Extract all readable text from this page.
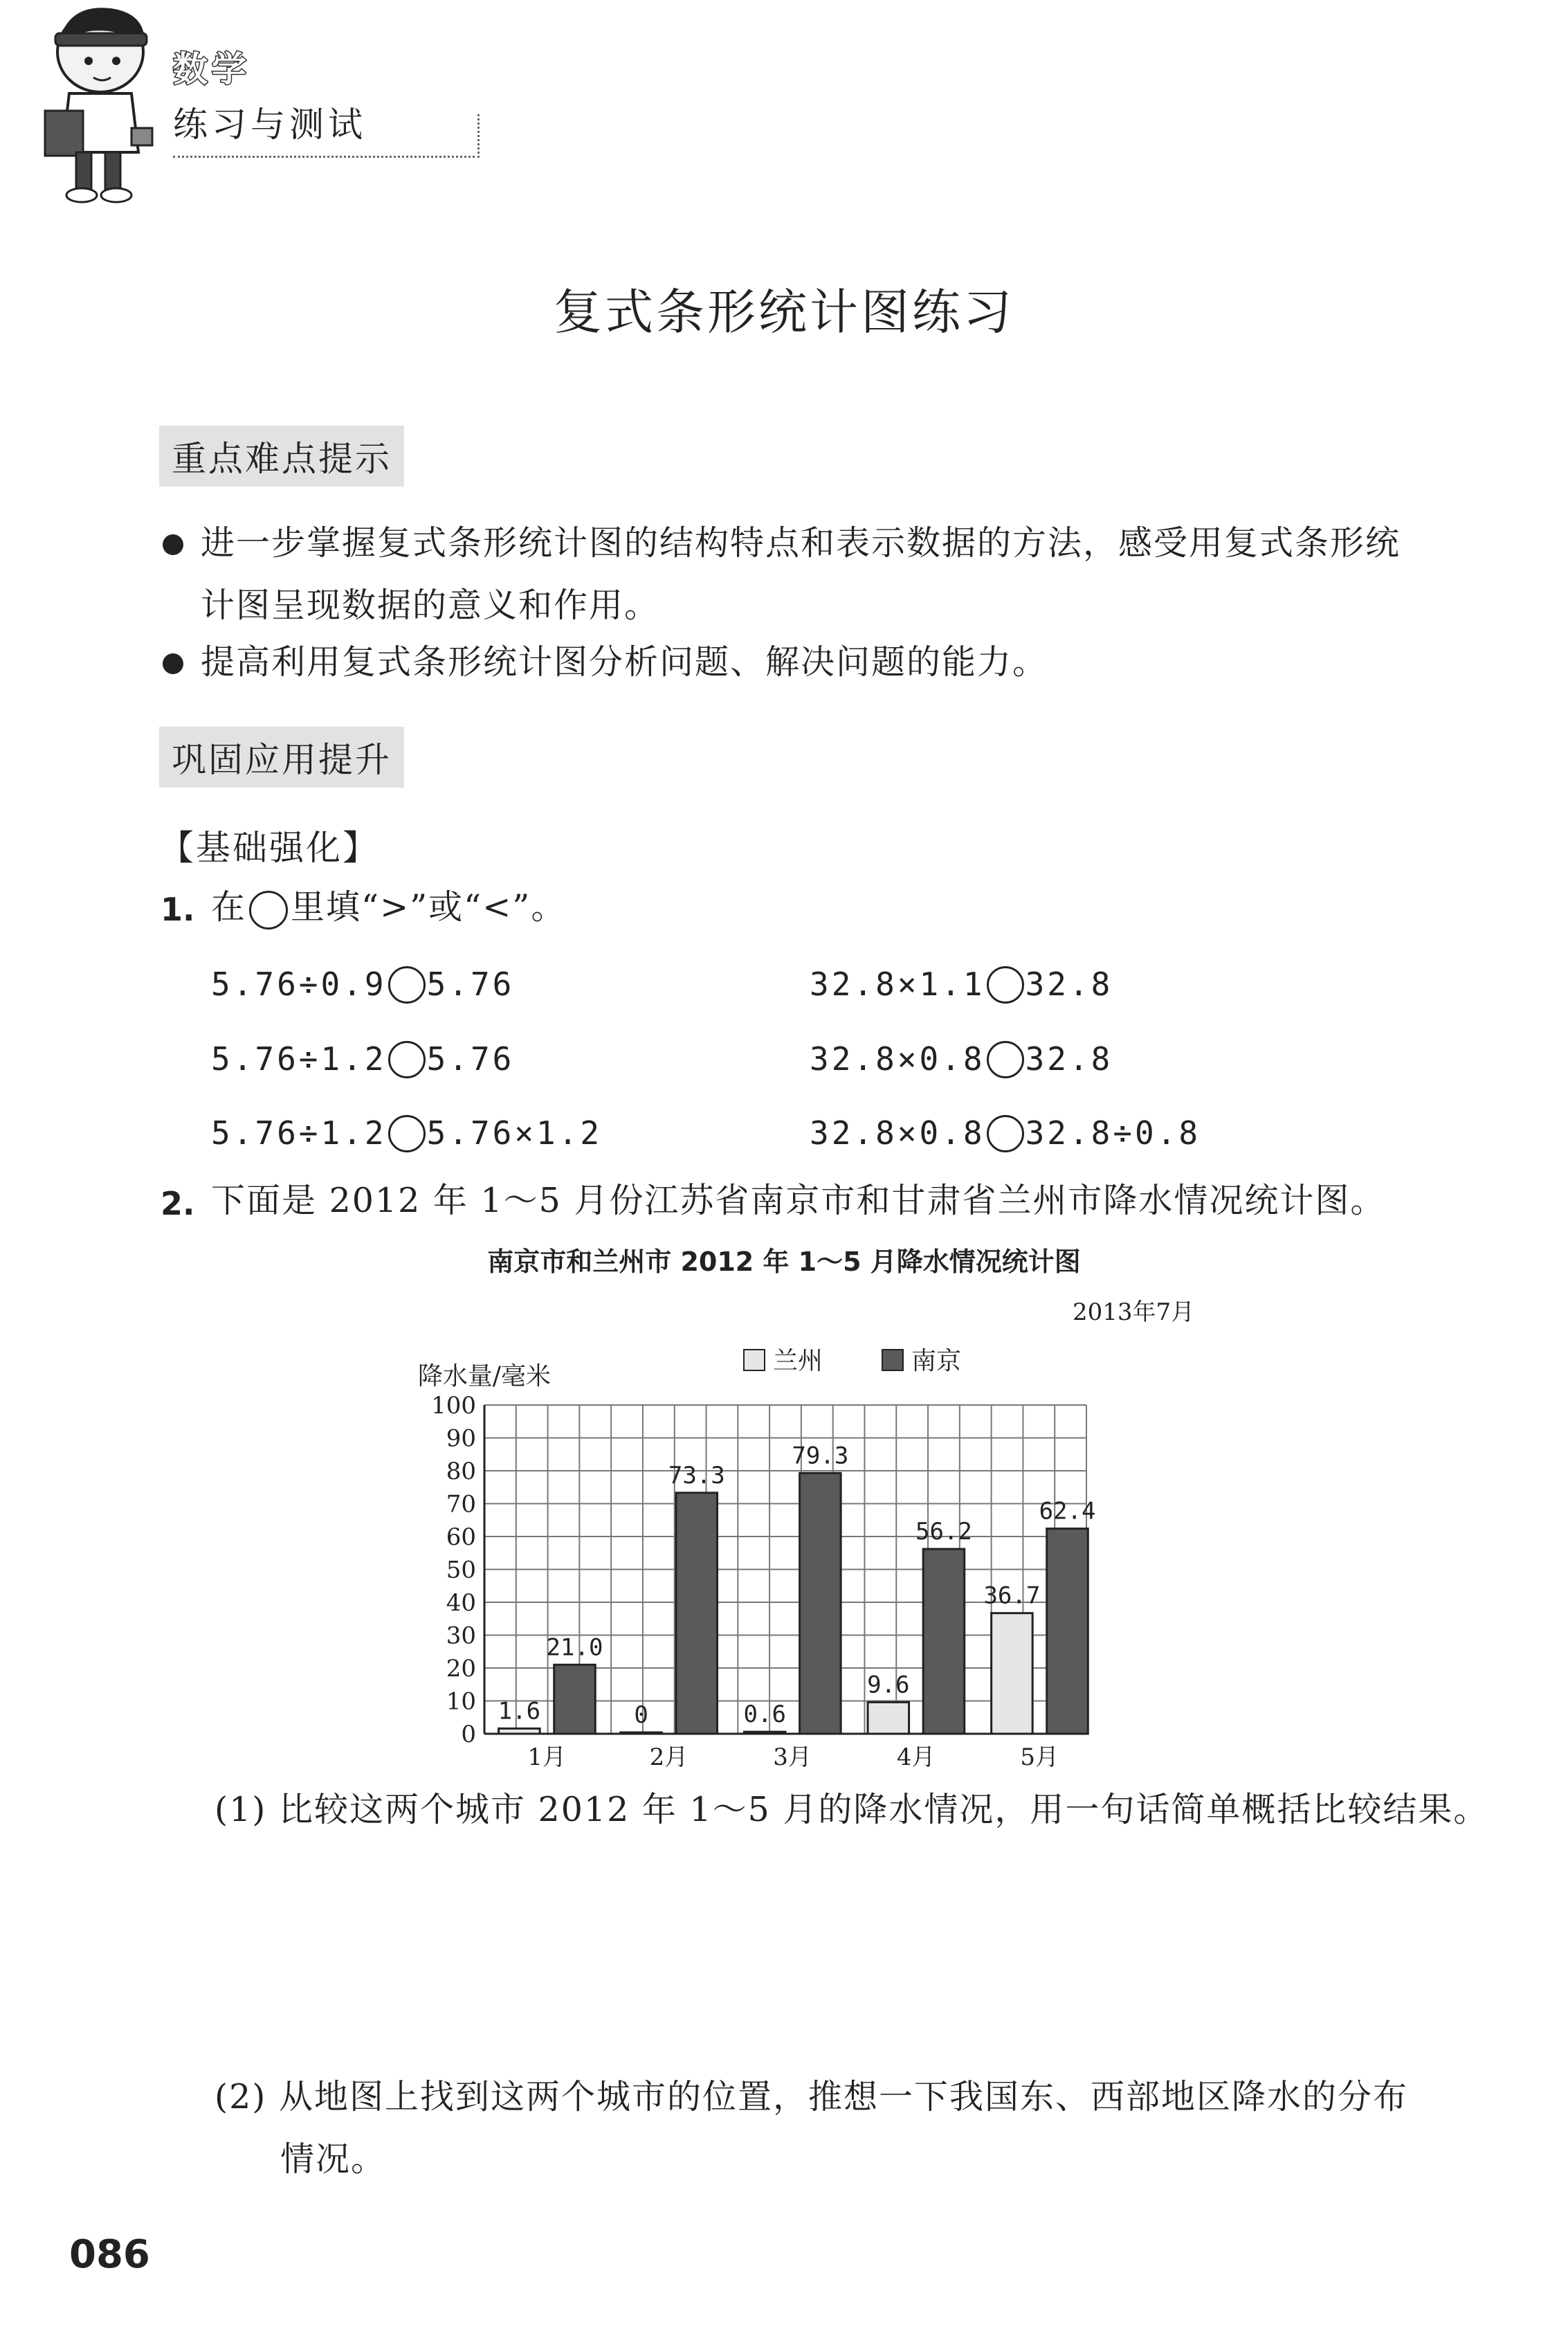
数学
练习与测试
复式条形统计图练习
重点难点提示
进一步掌握复式条形统计图的结构特点和表示数据的方法，感受用复式条形统
计图呈现数据的意义和作用。
提高利用复式条形统计图分析问题、解决问题的能力。
巩固应用提升
【基础强化】
1. 在 里填“>”或“<”。
5.76÷0.9 5.76	32.8×1.1 32.8
5.76÷1.2 5.76	32.8×0.8 32.8
5.76÷1.2 5.76×1.2	32.8×0.8 32.8÷0.8
2. 下面是 2012 年 1～5 月份江苏省南京市和甘肃省兰州市降水情况统计图。
南京市和兰州市 2012 年 1～5 月降水情况统计图
2013年7月
0
10
20
30
40
50
60
70
80
90
100
降水量/毫米
兰州	南京
1.6
21.0
1月
0
73.3
2月
0.6
79.3
3月
9.6
56.2
4月
36.7
62.4
5月
(1) 比较这两个城市 2012 年 1～5 月的降水情况，用一句话简单概括比较结果。
(2) 从地图上找到这两个城市的位置，推想一下我国东、西部地区降水的分布
情况。
086
